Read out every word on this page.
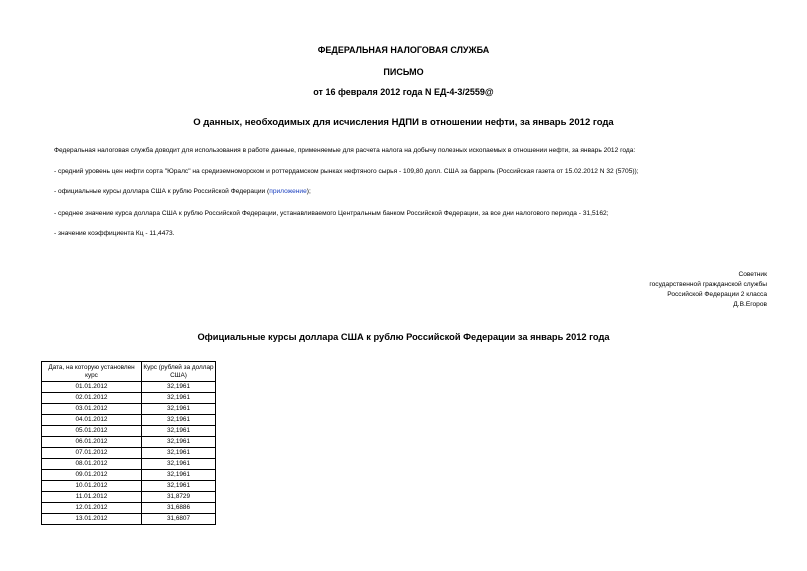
ФЕДЕРАЛЬНАЯ НАЛОГОВАЯ СЛУЖБА
ПИСЬМО
от 16 февраля 2012 года N ЕД-4-3/2559@
О данных, необходимых для исчисления НДПИ в отношении нефти, за январь 2012 года
Федеральная налоговая служба доводит для использования в работе данные, применяемые для расчета налога на добычу полезных ископаемых в отношении нефти, за январь 2012 года:
- средний уровень цен нефти сорта "Юралс" на средиземноморском и роттердамском рынках нефтяного сырья - 109,80 долл. США за баррель (Российская газета от 15.02.2012 N 32 (5705));
- официальные курсы доллара США к рублю Российской Федерации (приложение);
- среднее значение курса доллара США к рублю Российской Федерации, устанавливаемого Центральным банком Российской Федерации, за все дни налогового периода - 31,5162;
- значение коэффициента Кц - 11,4473.
Советник
государственной гражданской службы
Российской Федерации 2 класса
Д.В.Егоров
Официальные курсы доллара США к рублю Российской Федерации за январь 2012 года
Дата, на которую установлен курс	Курс (рублей за доллар США)
01.01.2012	32,1961
02.01.2012	32,1961
03.01.2012	32,1961
04.01.2012	32,1961
05.01.2012	32,1961
06.01.2012	32,1961
07.01.2012	32,1961
08.01.2012	32,1961
09.01.2012	32,1961
10.01.2012	32,1961
11.01.2012	31,8729
12.01.2012	31,6886
13.01.2012	31,6807
